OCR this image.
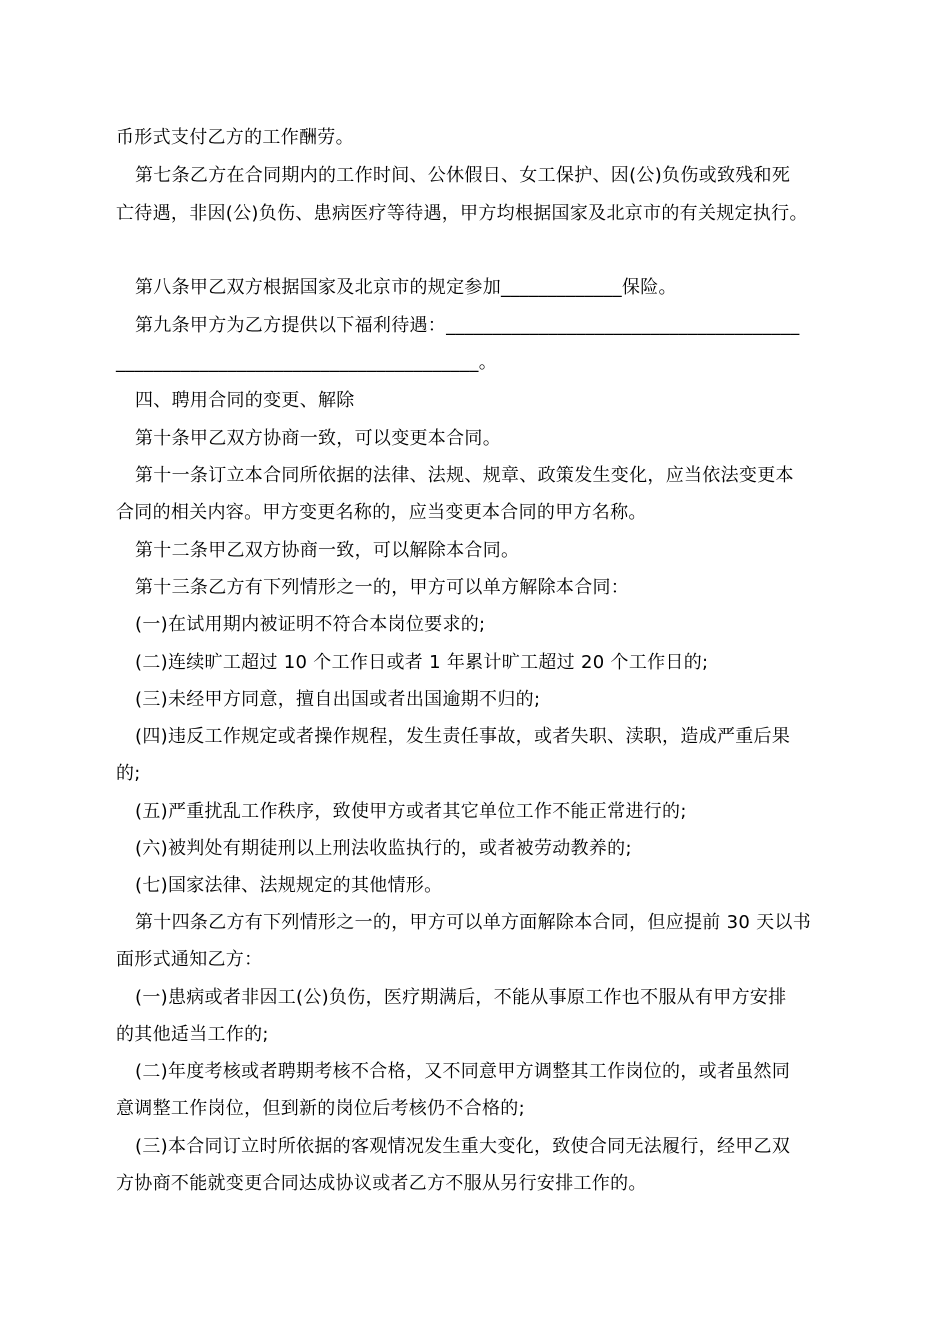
币形式支付乙方的工作酬劳。
第七条乙方在合同期内的工作时间、公休假日、女工保护、因(公)负伤或致残和死
亡待遇，非因(公)负伤、患病医疗等待遇，甲方均根据国家及北京市的有关规定执行。
第八条甲乙双方根据国家及北京市的规定参加_____________保险。
第九条甲方为乙方提供以下福利待遇：______________________________________
_______________________________________。
四、聘用合同的变更、解除
第十条甲乙双方协商一致，可以变更本合同。
第十一条订立本合同所依据的法律、法规、规章、政策发生变化，应当依法变更本
合同的相关内容。甲方变更名称的，应当变更本合同的甲方名称。
第十二条甲乙双方协商一致，可以解除本合同。
第十三条乙方有下列情形之一的，甲方可以单方解除本合同：
(一)在试用期内被证明不符合本岗位要求的;
(二)连续旷工超过 10 个工作日或者 1 年累计旷工超过 20 个工作日的;
(三)未经甲方同意，擅自出国或者出国逾期不归的;
(四)违反工作规定或者操作规程，发生责任事故，或者失职、渎职，造成严重后果
的;
(五)严重扰乱工作秩序，致使甲方或者其它单位工作不能正常进行的;
(六)被判处有期徒刑以上刑法收监执行的，或者被劳动教养的;
(七)国家法律、法规规定的其他情形。
第十四条乙方有下列情形之一的，甲方可以单方面解除本合同，但应提前 30 天以书
面形式通知乙方：
(一)患病或者非因工(公)负伤，医疗期满后，不能从事原工作也不服从有甲方安排
的其他适当工作的;
(二)年度考核或者聘期考核不合格，又不同意甲方调整其工作岗位的，或者虽然同
意调整工作岗位，但到新的岗位后考核仍不合格的;
(三)本合同订立时所依据的客观情况发生重大变化，致使合同无法履行，经甲乙双
方协商不能就变更合同达成协议或者乙方不服从另行安排工作的。
